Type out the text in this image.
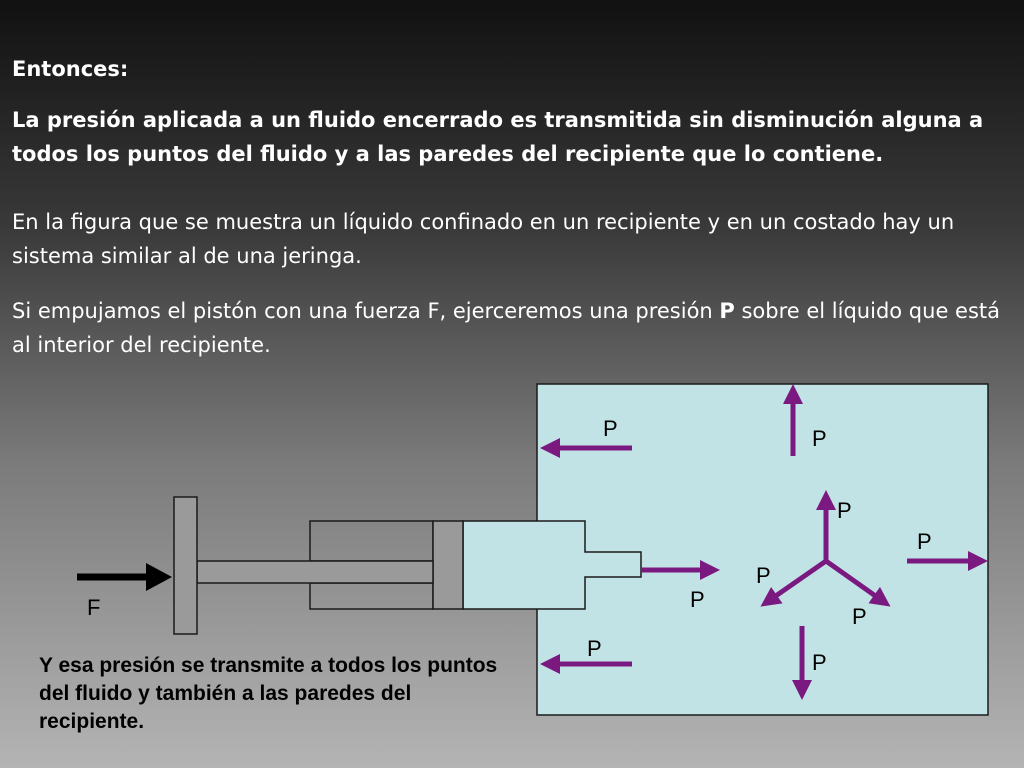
Entonces:
La presión aplicada a un fluido encerrado es transmitida sin disminución alguna a todos los puntos del fluido y a las paredes del recipiente que lo contiene.
En la figura que se muestra un líquido confinado en un recipiente y en un costado hay un sistema similar al de una jeringa.
Si empujamos el pistón con una fuerza F, ejerceremos una presión P sobre el líquido que está al interior del recipiente.
F
P	P
P
P
P
P
P
P
P
Y esa presión se transmite a todos los puntos del fluido y también a las paredes del recipiente.
